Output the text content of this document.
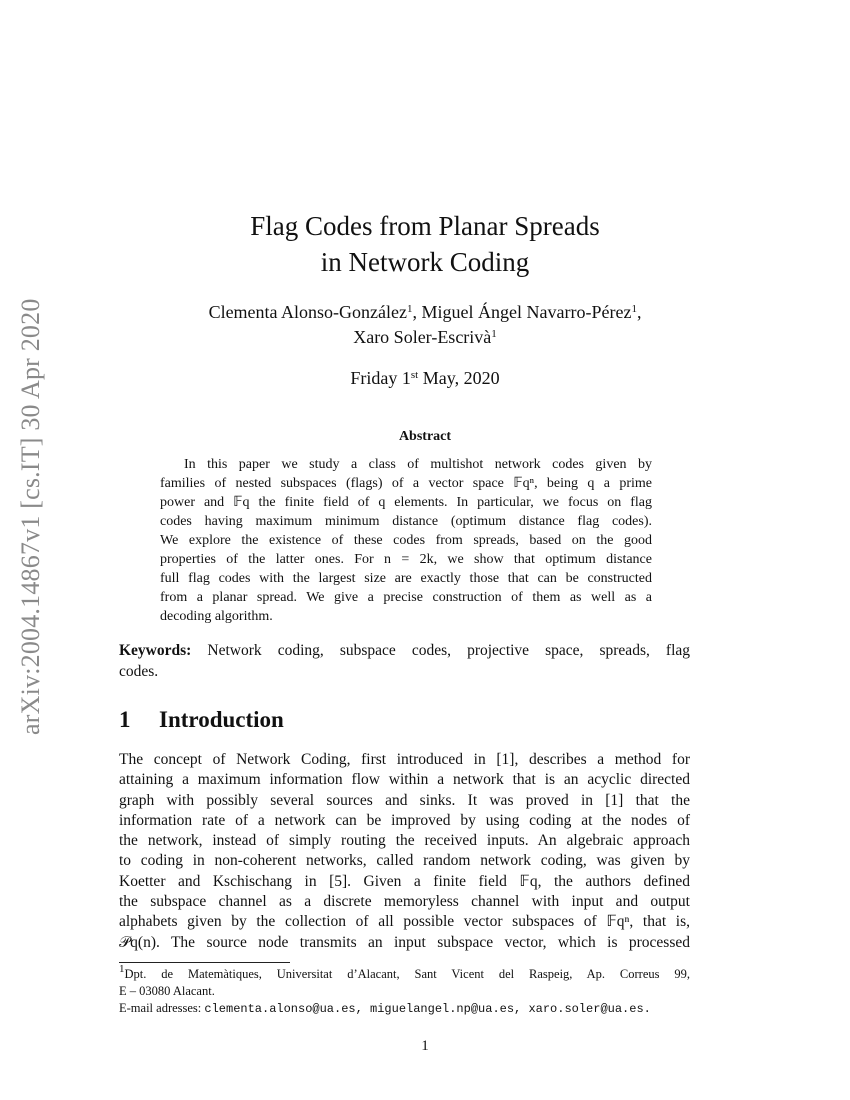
arXiv:2004.14867v1 [cs.IT] 30 Apr 2020
Flag Codes from Planar Spreads
in Network Coding
Clementa Alonso-González$^1$, Miguel Ángel Navarro-Pérez$^1$,
Xaro Soler-Escrivà$^1$
Friday 1st May, 2020
Abstract
In this paper we study a class of multishot network codes given by
families of nested subspaces (flags) of a vector space 𝔽qⁿ, being q a prime
power and 𝔽q the finite field of q elements. In particular, we focus on flag
codes having maximum minimum distance (optimum distance flag codes).
We explore the existence of these codes from spreads, based on the good
properties of the latter ones. For n = 2k, we show that optimum distance
full flag codes with the largest size are exactly those that can be constructed
from a planar spread. We give a precise construction of them as well as a
decoding algorithm.
Keywords: Network coding, subspace codes, projective space, spreads, flag
codes.
1 Introduction
The concept of Network Coding, first introduced in [1], describes a method for
attaining a maximum information flow within a network that is an acyclic directed
graph with possibly several sources and sinks. It was proved in [1] that the
information rate of a network can be improved by using coding at the nodes of
the network, instead of simply routing the received inputs. An algebraic approach
to coding in non-coherent networks, called random network coding, was given by
Koetter and Kschischang in [5]. Given a finite field 𝔽q, the authors defined
the subspace channel as a discrete memoryless channel with input and output
alphabets given by the collection of all possible vector subspaces of 𝔽qⁿ, that is,
𝒫q(n). The source node transmits an input subspace vector, which is processed
$^1$Dpt. de Matemàtiques, Universitat d’Alacant, Sant Vicent del Raspeig, Ap. Correus 99,
E – 03080 Alacant.
E-mail adresses: clementa.alonso@ua.es, miguelangel.np@ua.es, xaro.soler@ua.es.
1
